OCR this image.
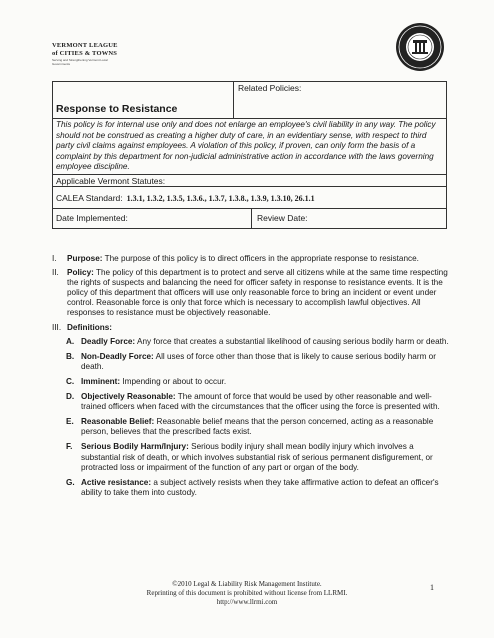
VERMONT LEAGUE
of CITIES & TOWNS
Serving and Strengthening Vermont Local Governments
Response to Resistance
Related Policies:
This policy is for internal use only and does not enlarge an employee's civil liability in any way. The policy should not be construed as creating a higher duty of care, in an evidentiary sense, with respect to third party civil claims against employees. A violation of this policy, if proven, can only form the basis of a complaint by this department for non-judicial administrative action in accordance with the laws governing employee discipline.
Applicable Vermont Statutes:
CALEA Standard: 1.3.1, 1.3.2, 1.3.5, 1.3.6., 1.3.7, 1.3.8., 1.3.9, 1.3.10, 26.1.1
Date Implemented:	Review Date:
I.	Purpose: The purpose of this policy is to direct officers in the appropriate response to resistance.
II. Policy: The policy of this department is to protect and serve all citizens while at the same time respecting the rights of suspects and balancing the need for officer safety in response to resistance events. It is the policy of this department that officers will use only reasonable force to bring an incident or event under control. Reasonable force is only that force which is necessary to accomplish lawful objectives. All responses to resistance must be objectively reasonable.
III. Definitions:
A. Deadly Force: Any force that creates a substantial likelihood of causing serious bodily harm or death.
B. Non-Deadly Force: All uses of force other than those that is likely to cause serious bodily harm or death.
C. Imminent: Impending or about to occur.
D. Objectively Reasonable: The amount of force that would be used by other reasonable and well-trained officers when faced with the circumstances that the officer using the force is presented with.
E. Reasonable Belief: Reasonable belief means that the person concerned, acting as a reasonable person, believes that the prescribed facts exist.
F.	Serious Bodily Harm/Injury: Serious bodily injury shall mean bodily injury which involves a substantial risk of death, or which involves substantial risk of serious permanent disfigurement, or protracted loss or impairment of the function of any part or organ of the body.
G. Active resistance: a subject actively resists when they take affirmative action to defeat an officer's ability to take them into custody.
©2010 Legal & Liability Risk Management Institute.
Reprinting of this document is prohibited without license from LLRMI.
http://www.llrmi.com
1
